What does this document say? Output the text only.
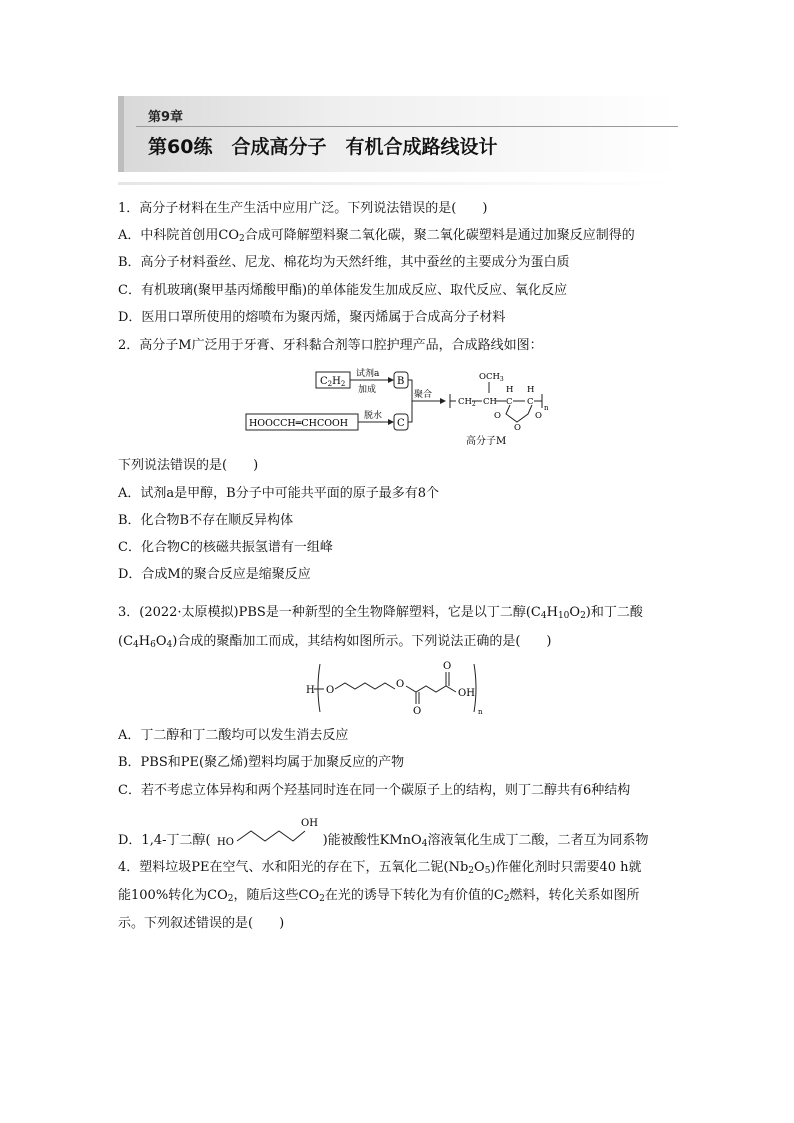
第9章
第60练　合成高分子　有机合成路线设计
1．高分子材料在生产生活中应用广泛。下列说法错误的是(　　)
A．中科院首创用$CO_2$合成可降解塑料聚二氧化碳，聚二氧化碳塑料是通过加聚反应制得的
B．高分子材料蚕丝、尼龙、棉花均为天然纤维，其中蚕丝的主要成分为蛋白质
C．有机玻璃(聚甲基丙烯酸甲酯)的单体能发生加成反应、取代反应、氧化反应
D．医用口罩所使用的熔喷布为聚丙烯，聚丙烯属于合成高分子材料
2．高分子M广泛用于牙膏、牙科黏合剂等口腔护理产品，合成路线如图：
$C_2H_2$
试剂a
加成
B
HOOCCH═CHCOOH
脱水
C
聚合
$CH_2$ CH
$OCH_3$
H
C
H
C
O	O
O
n
高分子M
下列说法错误的是(　　)
A．试剂a是甲醇，B分子中可能共平面的原子最多有8个
B．化合物B不存在顺反异构体
C．化合物C的核磁共振氢谱有一组峰
D．合成M的聚合反应是缩聚反应
3．(2022·太原模拟)PBS是一种新型的全生物降解塑料，它是以丁二醇$(C_4H_{10}O_2)$和丁二酸
$(C_4H_6O_4)$合成的聚酯加工而成，其结构如图所示。下列说法正确的是(　　)
H O
O
O
O
OH
n
A．丁二醇和丁二酸均可以发生消去反应
B．PBS和PE(聚乙烯)塑料均属于加聚反应的产物
C．若不考虑立体异构和两个羟基同时连在同一个碳原子上的结构，则丁二醇共有6种结构
D．1,4-丁二醇( HO
OH
)能被酸性KMnO$_4$溶液氧化生成丁二酸，二者互为同系物
4．塑料垃圾PE在空气、水和阳光的存在下，五氧化二铌$(Nb_2O_5)$作催化剂时只需要40 h就
能100%转化为$CO_2$，随后这些$CO_2$在光的诱导下转化为有价值的$C_2$燃料，转化关系如图所
示。下列叙述错误的是(　　)
